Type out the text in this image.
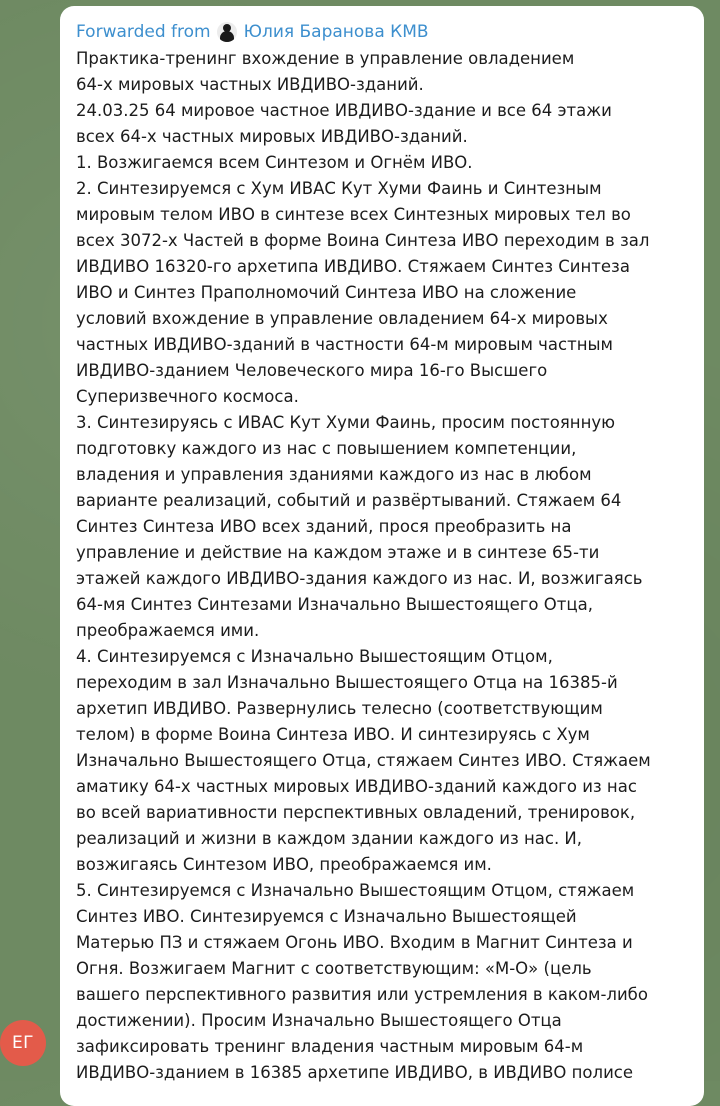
ЕГ
Forwarded from Юлия Баранова КМВ
Практика-тренинг вхождение в управление овладением
64-х мировых частных ИВДИВО-зданий.
24.03.25 64 мировое частное ИВДИВО-здание и все 64 этажи
всех 64-х частных мировых ИВДИВО-зданий.
1. Возжигаемся всем Синтезом и Огнём ИВО.
2. Синтезируемся с Хум ИВАС Кут Хуми Фаинь и Синтезным
мировым телом ИВО в синтезе всех Синтезных мировых тел во
всех 3072-х Частей в форме Воина Синтеза ИВО переходим в зал
ИВДИВО 16320-го архетипа ИВДИВО. Стяжаем Синтез Синтеза
ИВО и Синтез Праполномочий Синтеза ИВО на сложение
условий вхождение в управление овладением 64-х мировых
частных ИВДИВО-зданий в частности 64-м мировым частным
ИВДИВО-зданием Человеческого мира 16-го Высшего
Суперизвечного космоса.
3. Синтезируясь с ИВАС Кут Хуми Фаинь, просим постоянную
подготовку каждого из нас с повышением компетенции,
владения и управления зданиями каждого из нас в любом
варианте реализаций, событий и развёртываний. Стяжаем 64
Синтез Синтеза ИВО всех зданий, прося преобразить на
управление и действие на каждом этаже и в синтезе 65-ти
этажей каждого ИВДИВО-здания каждого из нас. И, возжигаясь
64-мя Синтез Синтезами Изначально Вышестоящего Отца,
преображаемся ими.
4. Синтезируемся с Изначально Вышестоящим Отцом,
переходим в зал Изначально Вышестоящего Отца на 16385-й
архетип ИВДИВО. Развернулись телесно (соответствующим
телом) в форме Воина Синтеза ИВО. И синтезируясь с Хум
Изначально Вышестоящего Отца, стяжаем Синтез ИВО. Стяжаем
аматику 64-х частных мировых ИВДИВО-зданий каждого из нас
во всей вариативности перспективных овладений, тренировок,
реализаций и жизни в каждом здании каждого из нас. И,
возжигаясь Синтезом ИВО, преображаемся им.
5. Синтезируемся с Изначально Вышестоящим Отцом, стяжаем
Синтез ИВО. Синтезируемся с Изначально Вышестоящей
Матерью ПЗ и стяжаем Огонь ИВО. Входим в Магнит Синтеза и
Огня. Возжигаем Магнит с соответствующим: «М-О» (цель
вашего перспективного развития или устремления в каком-либо
достижении). Просим Изначально Вышестоящего Отца
зафиксировать тренинг владения частным мировым 64-м
ИВДИВО-зданием в 16385 архетипе ИВДИВО, в ИВДИВО полисе
